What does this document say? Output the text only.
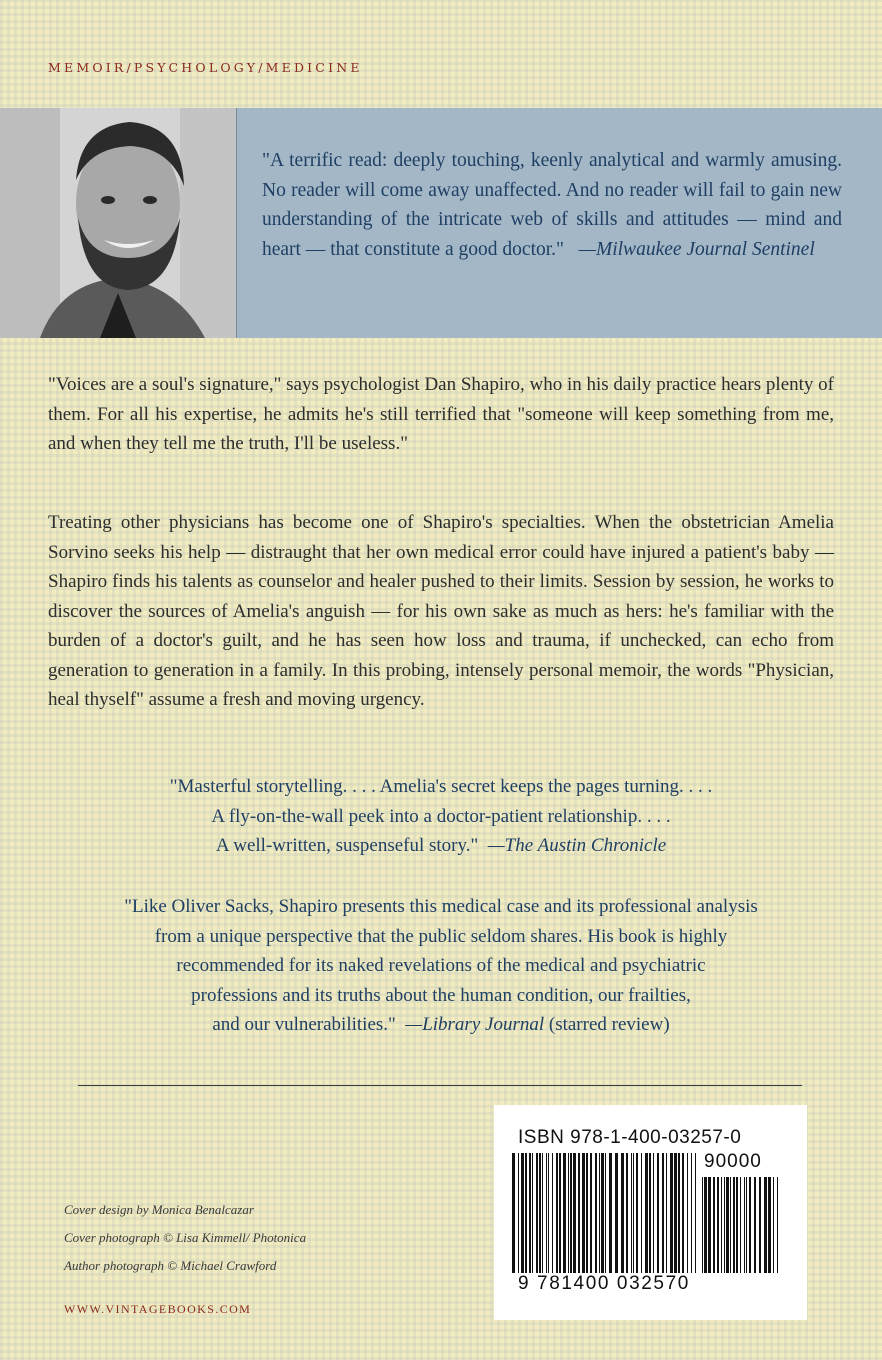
MEMOIR/PSYCHOLOGY/MEDICINE
"A terrific read: deeply touching, keenly analytical and warmly amusing. No reader will come away unaffected. And no reader will fail to gain new understanding of the intricate web of skills and attitudes — mind and heart — that constitute a good doctor." —Milwaukee Journal Sentinel
"Voices are a soul's signature," says psychologist Dan Shapiro, who in his daily practice hears plenty of them. For all his expertise, he admits he's still terrified that "someone will keep something from me, and when they tell me the truth, I'll be useless."
Treating other physicians has become one of Shapiro's specialties. When the obstetrician Amelia Sorvino seeks his help — distraught that her own medical error could have injured a patient's baby — Shapiro finds his talents as counselor and healer pushed to their limits. Session by session, he works to discover the sources of Amelia's anguish — for his own sake as much as hers: he's familiar with the burden of a doctor's guilt, and he has seen how loss and trauma, if unchecked, can echo from generation to generation in a family. In this probing, intensely personal memoir, the words "Physician, heal thyself" assume a fresh and moving urgency.
"Masterful storytelling. . . . Amelia's secret keeps the pages turning. . . .
A fly-on-the-wall peek into a doctor-patient relationship. . . .
A well-written, suspenseful story." —The Austin Chronicle
"Like Oliver Sacks, Shapiro presents this medical case and its professional analysis
from a unique perspective that the public seldom shares. His book is highly
recommended for its naked revelations of the medical and psychiatric
professions and its truths about the human condition, our frailties,
and our vulnerabilities." —Library Journal (starred review)
Cover design by Monica Benalcazar
Cover photograph © Lisa Kimmell/ Photonica
Author photograph © Michael Crawford
WWW.VINTAGEBOOKS.COM
ISBN 978-1-400-03257-0
90000
9 781400 032570
